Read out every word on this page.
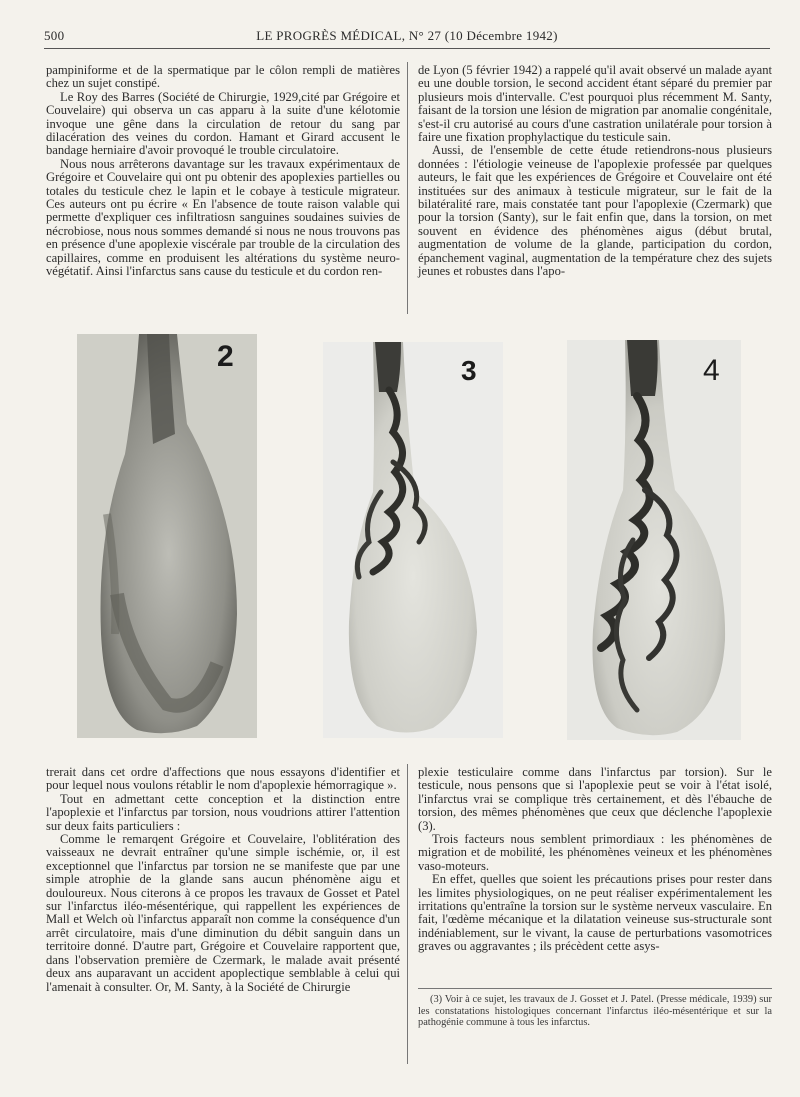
500	LE PROGRÈS MÉDICAL, N° 27 (10 Décembre 1942)

pampiniforme et de la spermatique par le côlon rempli de matières chez un sujet constipé.

Le Roy des Barres (Société de Chirurgie, 1929,cité par Grégoire et Couvelaire) qui observa un cas apparu à la suite d'une kélotomie invoque une gêne dans la circulation de retour du sang par dilacération des veines du cordon. Hamant et Girard accusent le bandage herniaire d'avoir provoqué le trouble circulatoire.

Nous nous arrêterons davantage sur les travaux expérimentaux de Grégoire et Couvelaire qui ont pu obtenir des apoplexies partielles ou totales du testicule chez le lapin et le cobaye à testicule migrateur. Ces auteurs ont pu écrire « En l'absence de toute raison valable qui permette d'expliquer ces infiltratiosn sanguines soudaines suivies de nécrobiose, nous nous sommes demandé si nous ne nous trouvons pas en présence d'une apoplexie viscérale par trouble de la circulation des capillaires, comme en produisent les altérations du système neuro-végétatif. Ainsi l'infarctus sans cause du testicule et du cordon ren-

de Lyon (5 février 1942) a rappelé qu'il avait observé un malade ayant eu une double torsion, le second accident étant séparé du premier par plusieurs mois d'intervalle. C'est pourquoi plus récemment M. Santy, faisant de la torsion une lésion de migration par anomalie congénitale, s'est-il cru autorisé au cours d'une castration unilatérale pour torsion à faire une fixation prophylactique du testicule sain.

Aussi, de l'ensemble de cette étude retiendrons-nous plusieurs données : l'étiologie veineuse de l'apoplexie professée par quelques auteurs, le fait que les expériences de Grégoire et Couvelaire ont été instituées sur des animaux à testicule migrateur, sur le fait de la bilatéralité rare, mais constatée tant pour l'apoplexie (Czermark) que pour la torsion (Santy), sur le fait enfin que, dans la torsion, on met souvent en évidence des phénomènes aigus (début brutal, augmentation de volume de la glande, participation du cordon, épanchement vaginal, augmentation de la température chez des sujets jeunes et robustes dans l'apo-

2	3	4

trerait dans cet ordre d'affections que nous essayons d'identifier et pour lequel nous voulons rétablir le nom d'apoplexie hémorragique ».

Tout en admettant cette conception et la distinction entre l'apoplexie et l'infarctus par torsion, nous voudrions attirer l'attention sur deux faits particuliers :

Comme le remarqent Grégoire et Couvelaire, l'oblitération des vaisseaux ne devrait entraîner qu'une simple ischémie, or, il est exceptionnel que l'infarctus par torsion ne se manifeste que par une simple atrophie de la glande sans aucun phénomène aigu et douloureux. Nous citerons à ce propos les travaux de Gosset et Patel sur l'infarctus iléo-mésentérique, qui rappellent les expériences de Mall et Welch où l'infarctus apparaît non comme la conséquence d'un arrêt circulatoire, mais d'une diminution du débit sanguin dans un territoire donné. D'autre part, Grégoire et Couvelaire rapportent que, dans l'observation première de Czermark, le malade avait présenté deux ans auparavant un accident apoplectique semblable à celui qui l'amenait à consulter. Or, M. Santy, à la Société de Chirurgie

plexie testiculaire comme dans l'infarctus par torsion). Sur le testicule, nous pensons que si l'apoplexie peut se voir à l'état isolé, l'infarctus vrai se complique très certainement, et dès l'ébauche de torsion, des mêmes phénomènes que ceux que déclenche l'apoplexie (3).

Trois facteurs nous semblent primordiaux : les phénomènes de migration et de mobilité, les phénomènes veineux et les phénomènes vaso-moteurs.

En effet, quelles que soient les précautions prises pour rester dans les limites physiologiques, on ne peut réaliser expérimentalement les irritations qu'entraîne la torsion sur le système nerveux vasculaire. En fait, l'œdème mécanique et la dilatation veineuse sus-structurale sont indéniablement, sur le vivant, la cause de perturbations vasomotrices graves ou aggravantes ; ils précèdent cette asys-

(3) Voir à ce sujet, les travaux de J. Gosset et J. Patel. (Presse médicale, 1939) sur les constatations histologiques concernant l'infarctus iléo-mésentérique et sur la pathogénie commune à tous les infarctus.
